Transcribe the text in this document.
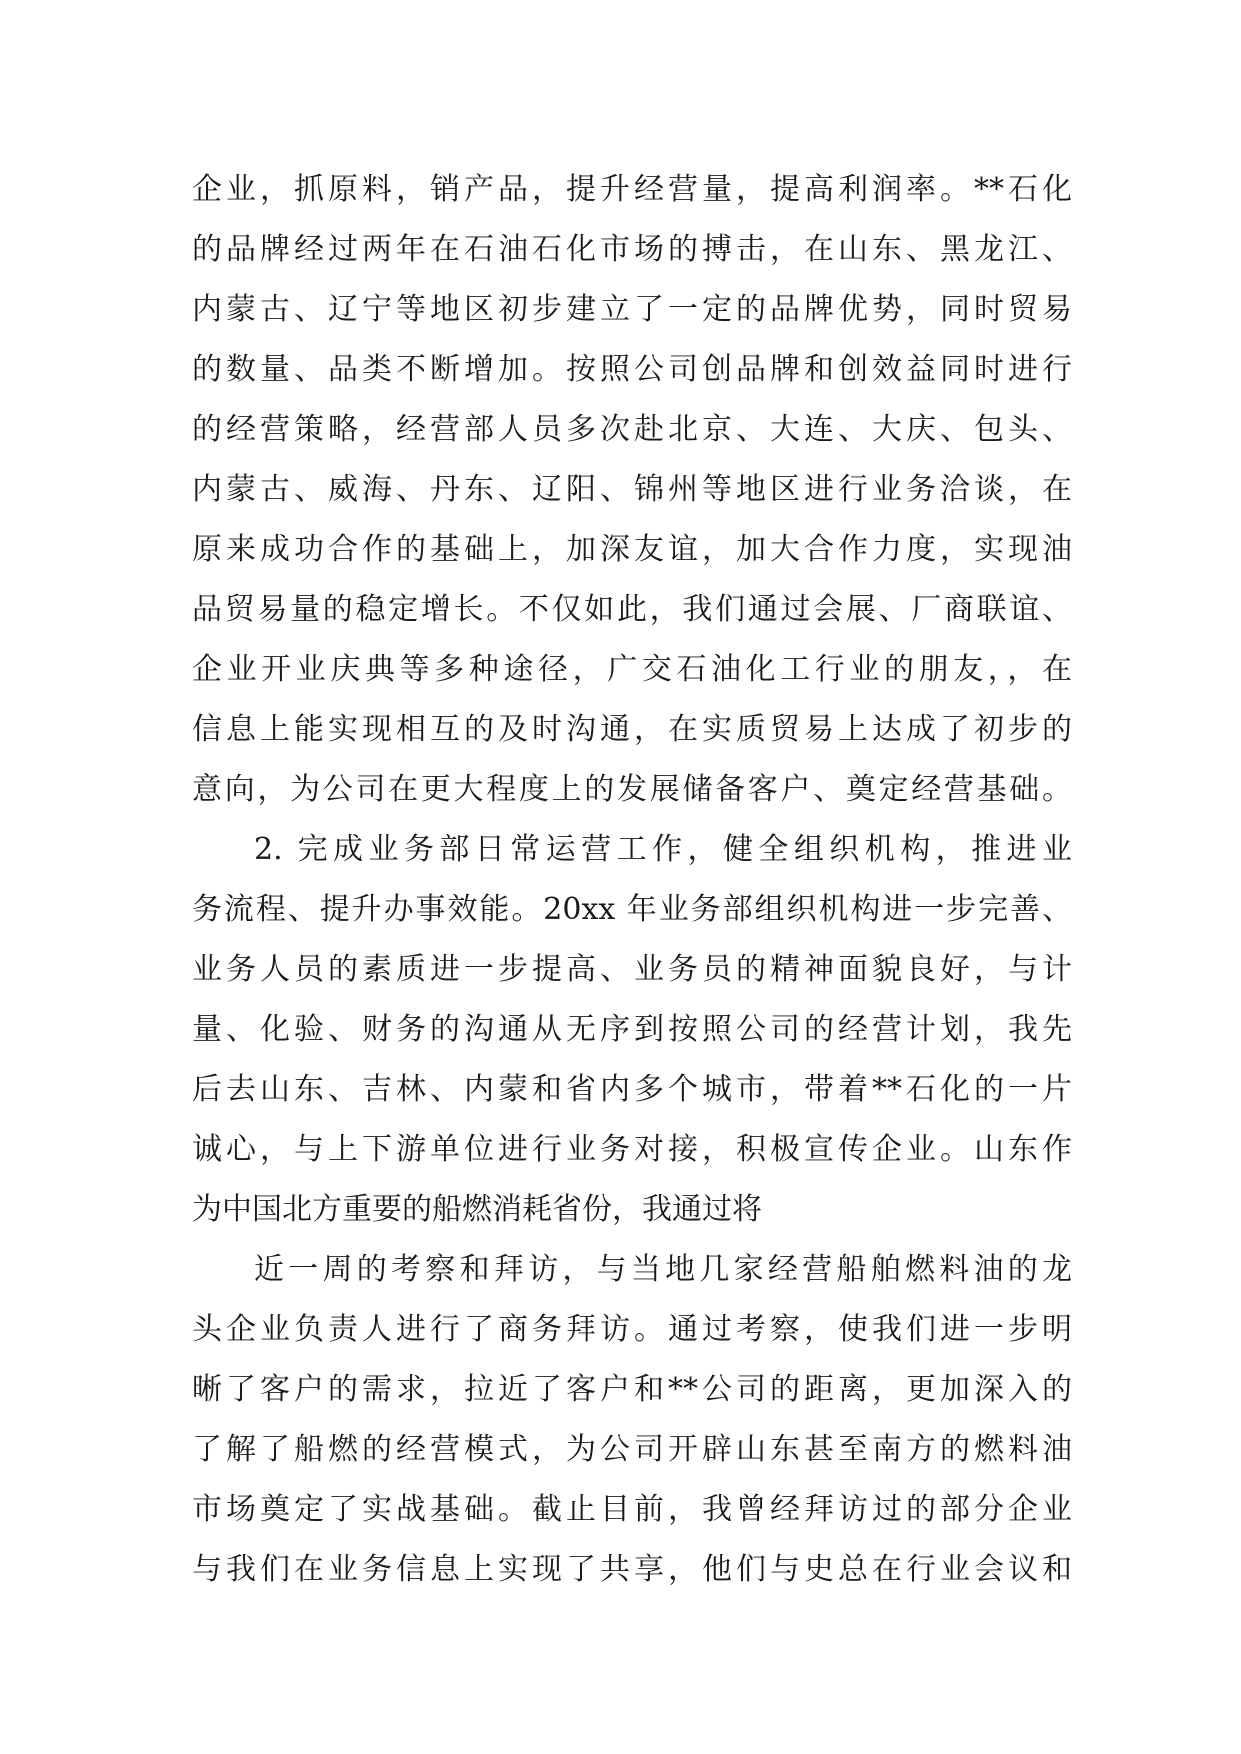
企业，抓原料，销产品，提升经营量，提高利润率。**石化
的品牌经过两年在石油石化市场的搏击，在山东、黑龙江、
内蒙古、辽宁等地区初步建立了一定的品牌优势，同时贸易
的数量、品类不断增加。按照公司创品牌和创效益同时进行
的经营策略，经营部人员多次赴北京、大连、大庆、包头、
内蒙古、威海、丹东、辽阳、锦州等地区进行业务洽谈，在
原来成功合作的基础上，加深友谊，加大合作力度，实现油
品贸易量的稳定增长。不仅如此，我们通过会展、厂商联谊、
企业开业庆典等多种途径，广交石油化工行业的朋友，，在
信息上能实现相互的及时沟通，在实质贸易上达成了初步的
意向，为公司在更大程度上的发展储备客户、奠定经营基础。
2. 完成业务部日常运营工作，健全组织机构，推进业
务流程、提升办事效能。20xx 年业务部组织机构进一步完善、
业务人员的素质进一步提高、业务员的精神面貌良好，与计
量、化验、财务的沟通从无序到按照公司的经营计划，我先
后去山东、吉林、内蒙和省内多个城市，带着**石化的一片
诚心，与上下游单位进行业务对接，积极宣传企业。山东作
为中国北方重要的船燃消耗省份，我通过将
近一周的考察和拜访，与当地几家经营船舶燃料油的龙
头企业负责人进行了商务拜访。通过考察，使我们进一步明
晰了客户的需求，拉近了客户和**公司的距离，更加深入的
了解了船燃的经营模式，为公司开辟山东甚至南方的燃料油
市场奠定了实战基础。截止目前，我曾经拜访过的部分企业
与我们在业务信息上实现了共享，他们与史总在行业会议和
